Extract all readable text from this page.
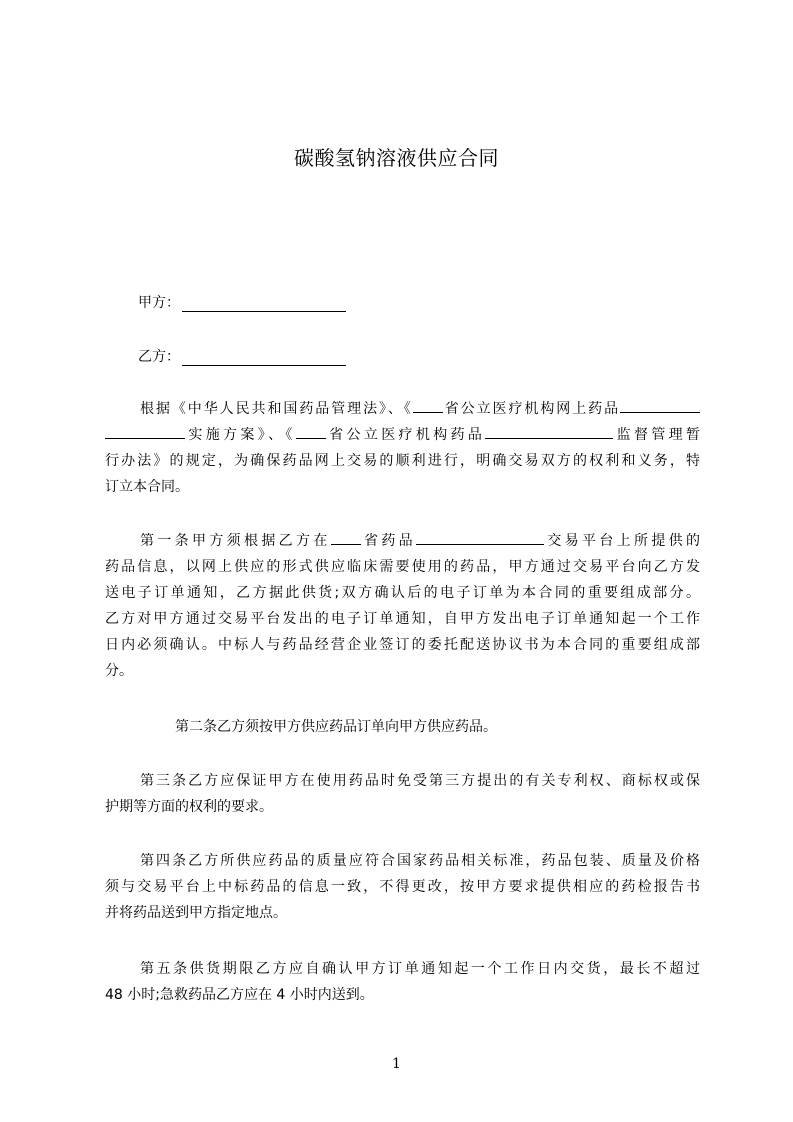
碳酸氢钠溶液供应合同
甲方：
乙方：
根据《中华人民共和国药品管理法》、《 省公立医疗机构网上药品
实施方案》、《 省公立医疗机构药品	监督管理暂
行办法》的规定，为确保药品网上交易的顺利进行，明确交易双方的权利和义务，特
订立本合同。
第一条甲方须根据乙方在 省药品	交易平台上所提供的
药品信息，以网上供应的形式供应临床需要使用的药品，甲方通过交易平台向乙方发
送电子订单通知，乙方据此供货;双方确认后的电子订单为本合同的重要组成部分。
乙方对甲方通过交易平台发出的电子订单通知，自甲方发出电子订单通知起一个工作
日内必须确认。中标人与药品经营企业签订的委托配送协议书为本合同的重要组成部
分。
第二条乙方须按甲方供应药品订单向甲方供应药品。
第三条乙方应保证甲方在使用药品时免受第三方提出的有关专利权、商标权或保
护期等方面的权利的要求。
第四条乙方所供应药品的质量应符合国家药品相关标准，药品包装、质量及价格
须与交易平台上中标药品的信息一致，不得更改，按甲方要求提供相应的药检报告书
并将药品送到甲方指定地点。
第五条供货期限乙方应自确认甲方订单通知起一个工作日内交货，最长不超过
48 小时;急救药品乙方应在 4 小时内送到。
1
